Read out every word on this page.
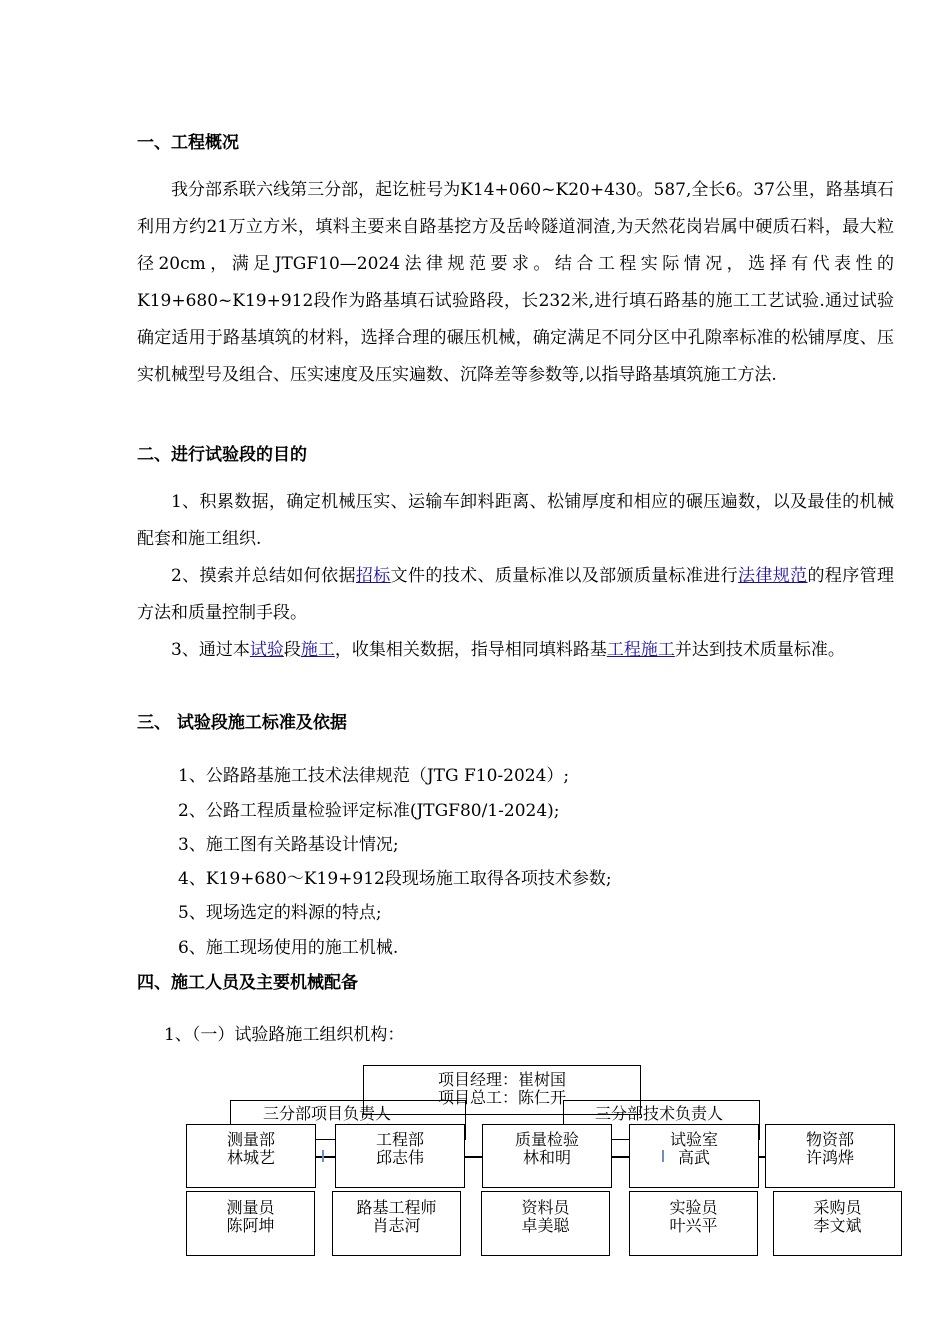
一、工程概况

我分部系联六线第三分部，起讫桩号为K14+060~K20+430。587,全长6。37公里，路基填石利用方约21万立方米，填料主要来自路基挖方及岳岭隧道洞渣,为天然花岗岩属中硬质石料，最大粒径20cm，满足JTGF10—2024法律规范要求。结合工程实际情况，选择有代表性的K19+680~K19+912段作为路基填石试验路段，长232米,进行填石路基的施工工艺试验.通过试验确定适用于路基填筑的材料，选择合理的碾压机械，确定满足不同分区中孔隙率标准的松铺厚度、压实机械型号及组合、压实速度及压实遍数、沉降差等参数等,以指导路基填筑施工方法.

二、进行试验段的目的

1、积累数据，确定机械压实、运输车卸料距离、松铺厚度和相应的碾压遍数，以及最佳的机械配套和施工组织.

2、摸索并总结如何依据招标文件的技术、质量标准以及部颁质量标准进行法律规范的程序管理方法和质量控制手段。

3、通过本试验段施工，收集相关数据，指导相同填料路基工程施工并达到技术质量标准。

三、 试验段施工标准及依据

1、公路路基施工技术法律规范（JTG F10-2024）;

2、公路工程质量检验评定标准(JTGF80/1-2024);

3、施工图有关路基设计情况;

4、K19+680～K19+912段现场施工取得各项技术参数;

5、现场选定的料源的特点;

6、施工现场使用的施工机械.

四、施工人员及主要机械配备

1、（一）试验路施工组织机构：

项目经理：崔树国
项目总工：陈仁开
三分部项目负责人	三分部技术负责人
测量部
林城艺
工程部
邱志伟
质量检验
林和明
试验室
高武
物资部
许鸿烨
测量员
陈阿坤
路基工程师
肖志河
资料员
卓美聪
实验员
叶兴平
采购员
李文斌
